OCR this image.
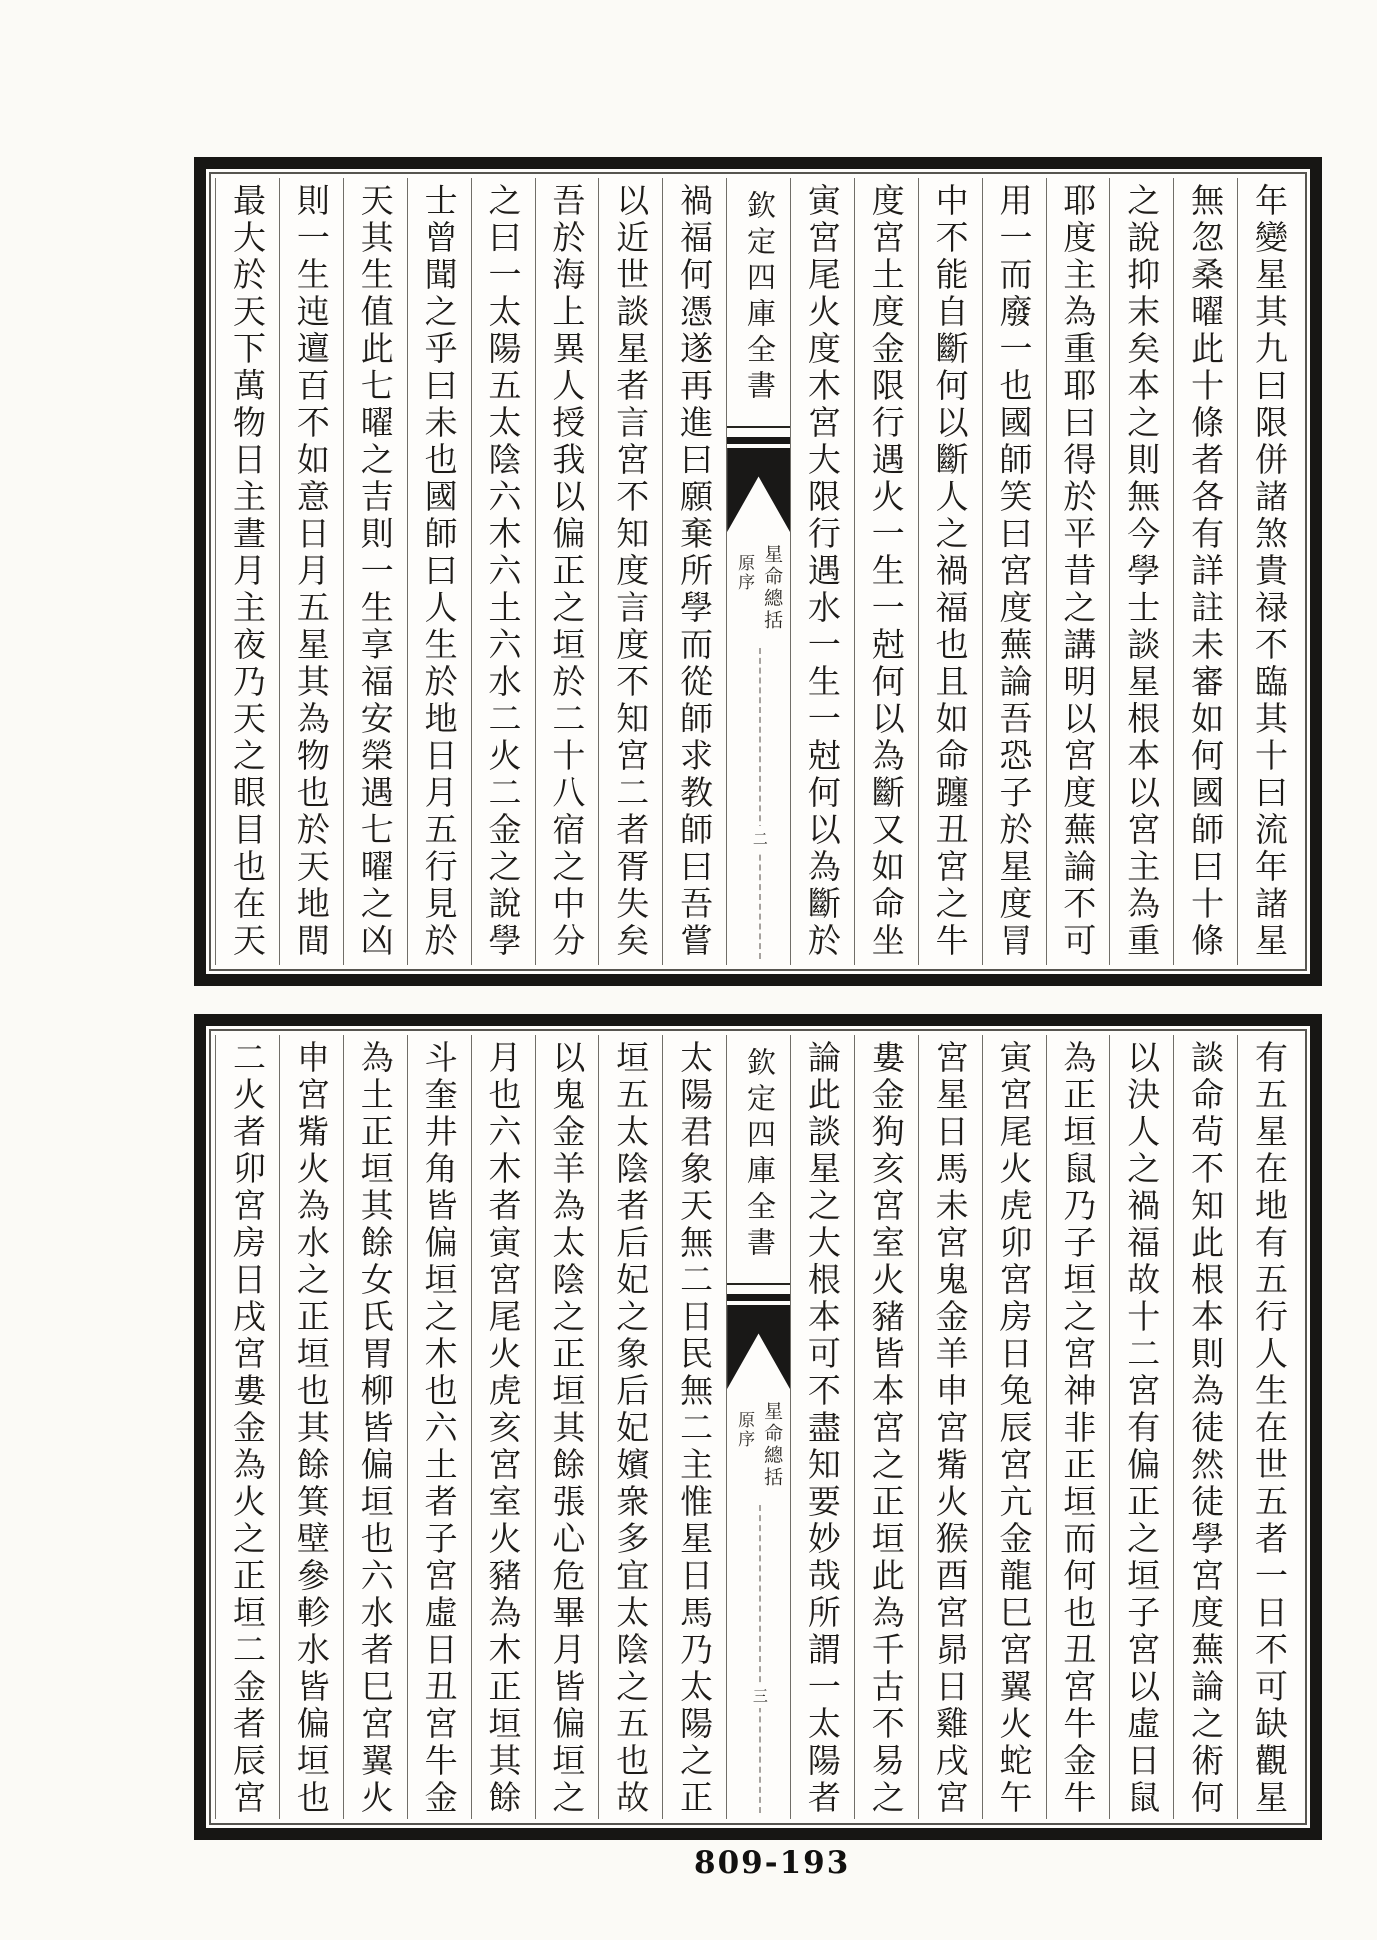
年變星其九曰限併諸煞貴禄不臨其十曰流年諸星
無忽桑曜此十條者各有詳註未審如何國師曰十條
之說抑末矣本之則無今學士談星根本以宮主為重
耶度主為重耶曰得於平昔之講明以宮度蕪論不可
用一而廢一也國師笑曰宮度蕪論吾恐子於星度冐
中不能自斷何以斷人之禍福也且如命躔丑宮之牛
度宮土度金限行遇火一生一尅何以為斷又如命坐
寅宮尾火度木宮大限行遇水一生一尅何以為斷於
欽定四庫全書
星命總括
原序
二
禍福何憑遂再進曰願棄所學而從師求教師曰吾嘗
以近世談星者言宮不知度言度不知宮二者胥失矣
吾於海上異人授我以偏正之垣於二十八宿之中分
之曰一太陽五太陰六木六土六水二火二金之說學
士曾聞之乎曰未也國師曰人生於地日月五行見於
天其生值此七曜之吉則一生享福安榮遇七曜之凶
則一生迍邅百不如意日月五星其為物也於天地間
最大於天下萬物日主晝月主夜乃天之眼目也在天
有五星在地有五行人生在世五者一日不可缺觀星
談命茍不知此根本則為徒然徒學宮度蕪論之術何
以決人之禍福故十二宮有偏正之垣子宮以虛日鼠
為正垣鼠乃子垣之宮神非正垣而何也丑宮牛金牛
寅宮尾火虎卯宮房日兔辰宮亢金龍巳宮翼火蛇午
宮星日馬未宮鬼金羊申宮觜火猴酉宮昴日雞戌宮
婁金狗亥宮室火豬皆本宮之正垣此為千古不易之
論此談星之大根本可不盡知要妙哉所謂一太陽者
欽定四庫全書
星命總括
原序
三
太陽君象天無二日民無二主惟星日馬乃太陽之正
垣五太陰者后妃之象后妃嬪衆多宜太陰之五也故
以鬼金羊為太陰之正垣其餘張心危畢月皆偏垣之
月也六木者寅宮尾火虎亥宮室火豬為木正垣其餘
斗奎井角皆偏垣之木也六土者子宮虛日丑宮牛金
為土正垣其餘女氏胃柳皆偏垣也六水者巳宮翼火
申宮觜火為水之正垣也其餘箕壁參軫水皆偏垣也
二火者卯宮房日戌宮婁金為火之正垣二金者辰宮
809-193
